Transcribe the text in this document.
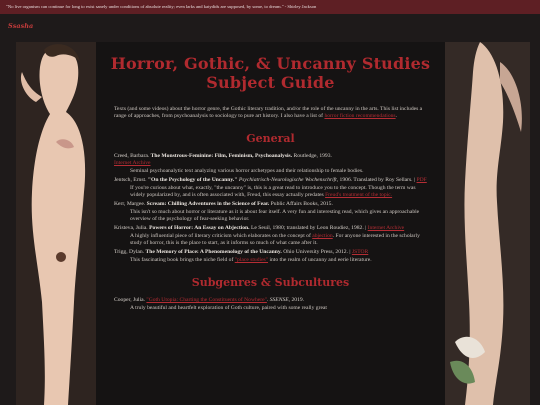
"No live organism can continue for long to exist sanely under conditions of absolute reality; even larks and katydids are supposed, by some, to dream." - Shirley Jackson
Ssasha
Horror, Gothic, & Uncanny Studies
Subject Guide
Texts (and some videos) about the horror genre, the Gothic literary tradition, and/or the role of the uncanny in the arts. This list includes a range of approaches, from psychoanalysis to sociology to pure art history. I also have a list of horror fiction recommendations.
General
Creed, Barbara. The Monstrous-Feminine: Film, Feminism, Psychoanalysis. Routledge, 1993.
Internet Archive
Seminal psychoanalytic text analyzing various horror archetypes and their relationship to female bodies.
Jentsch, Ernst. "On the Psychology of the Uncanny." Psychiatrisch-Neurologische Wochenschrift, 1906. Translated by Roy Sellars. | PDF
If you're curious about what, exactly, "the uncanny" is, this is a great read to introduce you to the concept. Though the term was widely popularized by, and is often associated with, Freud, this essay actually predates Freud's treatment of the topic.
Kerr, Margee. Scream: Chilling Adventures in the Science of Fear. Public Affairs Books, 2015.
This isn't so much about horror or literature as it is about fear itself. A very fun and interesting read, which gives an approachable overview of the psychology of fear-seeking behavior.
Kristeva, Julia. Powers of Horror: An Essay on Abjection. Le Seuil, 1980; translated by Leon Roudiez, 1982. | Internet Archive
A highly influential piece of literary criticism which elaborates on the concept of abjection. For anyone interested in the scholarly study of horror, this is the place to start, as it informs so much of what came after it.
Trigg, Dylan. The Memory of Place: A Phenomenology of the Uncanny. Ohio University Press, 2012. | JSTOR
This fascinating book brings the niche field of "place studies" into the realm of uncanny and eerie literature.
Subgenres & Subcultures
Cooper, Julia. "Goth Utopia: Charting the Constituents of Nowhere". SSENSE, 2019.
A truly beautiful and heartfelt exploration of Goth culture, paired with some really great
